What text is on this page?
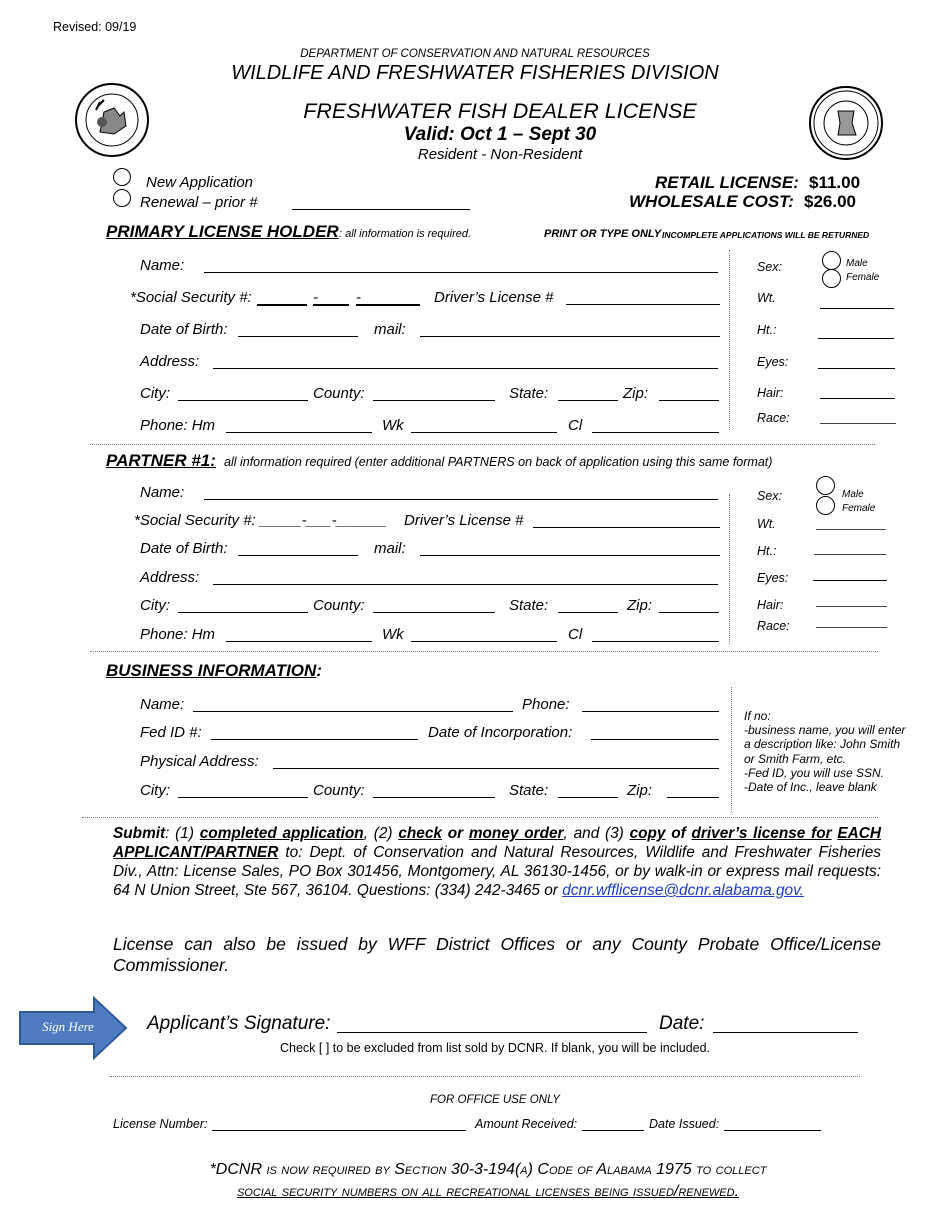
Revised: 09/19
DEPARTMENT OF CONSERVATION AND NATURAL RESOURCES
WILDLIFE AND FRESHWATER FISHERIES DIVISION
FRESHWATER FISH DEALER LICENSE
Valid: Oct 1 – Sept 30
Resident - Non-Resident
New Application
Renewal – prior #
RETAIL LICENSE: $11.00
WHOLESALE COST: $26.00
PRIMARY LICENSE HOLDER : all information is required.	PRINT OR TYPE ONLY INCOMPLETE APPLICATIONS WILL BE RETURNED
Name:
*Social Security #:	-	-	Driver’s License #
Date of Birth:	mail:
Address:
City:	County:	State:	Zip:
Phone: Hm	Wk	Cl
Sex:	Male
Female
Wt.
Ht.:
Eyes:
Hair:
Race:
PARTNER #1: all information required (enter additional PARTNERS on back of application using this same format)
Name:
*Social Security #: _____-___-______ Driver’s License #
Date of Birth:	mail:
Address:
City:	County:	State:	Zip:
Phone: Hm	Wk	Cl
Sex:	Male
Female
Wt.
Ht.:
Eyes:
Hair:
Race:
BUSINESS INFORMATION:
Name:	Phone:
Fed ID #:	Date of Incorporation:
Physical Address:
City:	County:	State:	Zip:
If no:
-business name, you will enter
a description like: John Smith
or Smith Farm, etc.
-Fed ID, you will use SSN.
-Date of Inc., leave blank
Submit: (1) completed application, (2) check or money order, and (3) copy of driver’s license for EACH APPLICANT/PARTNER to: Dept. of Conservation and Natural Resources, Wildlife and Freshwater Fisheries Div., Attn: License Sales, PO Box 301456, Montgomery, AL 36130-1456, or by walk-in or express mail requests: 64 N Union Street, Ste 567, 36104. Questions: (334) 242-3465 or dcnr.wfflicense@dcnr.alabama.gov.
License can also be issued by WFF District Offices or any County Probate Office/License Commissioner.
Sign Here	Applicant’s Signature:	Date:
Check [ ] to be excluded from list sold by DCNR. If blank, you will be included.
FOR OFFICE USE ONLY
License Number:	Amount Received:	Date Issued:
*DCNR is now required by Section 30-3-194(a) Code of Alabama 1975 to collect
social security numbers on all recreational licenses being issued/renewed.
